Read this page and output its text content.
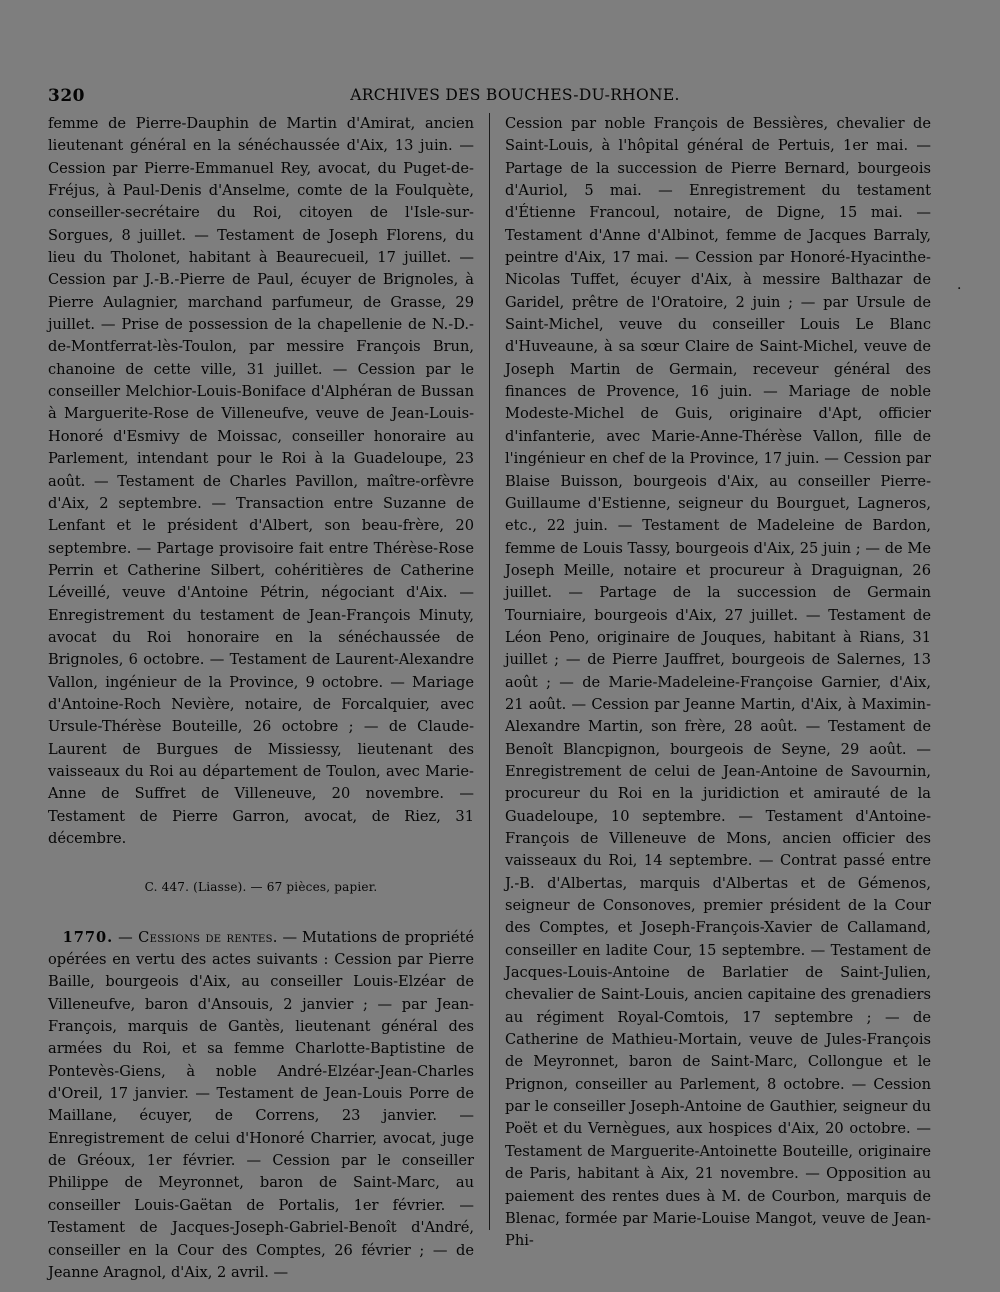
320	ARCHIVES DES BOUCHES-DU-RHONE.

femme de Pierre-Dauphin de Martin d'Amirat, ancien lieutenant général en la sénéchaussée d'Aix, 13 juin. — Cession par Pierre-Emmanuel Rey, avocat, du Puget-de-Fréjus, à Paul-Denis d'Anselme, comte de la Foulquète, conseiller-secrétaire du Roi, citoyen de l'Isle-sur-Sorgues, 8 juillet. — Testament de Joseph Florens, du lieu du Tholonet, habitant à Beaurecueil, 17 juillet. — Cession par J.-B.-Pierre de Paul, écuyer de Brignoles, à Pierre Aulagnier, marchand parfumeur, de Grasse, 29 juillet. — Prise de possession de la chapellenie de N.-D.-de-Montferrat-lès-Toulon, par messire François Brun, chanoine de cette ville, 31 juillet. — Cession par le conseiller Melchior-Louis-Boniface d'Alphéran de Bussan à Marguerite-Rose de Villeneufve, veuve de Jean-Louis-Honoré d'Esmivy de Moissac, conseiller honoraire au Parlement, intendant pour le Roi à la Guadeloupe, 23 août. — Testament de Charles Pavillon, maître-orfèvre d'Aix, 2 septembre. — Transaction entre Suzanne de Lenfant et le président d'Albert, son beau-frère, 20 septembre. — Partage provisoire fait entre Thérèse-Rose Perrin et Catherine Silbert, cohéritières de Catherine Léveillé, veuve d'Antoine Pétrin, négociant d'Aix. — Enregistrement du testament de Jean-François Minuty, avocat du Roi honoraire en la sénéchaussée de Brignoles, 6 octobre. — Testament de Laurent-Alexandre Vallon, ingénieur de la Province, 9 octobre. — Mariage d'Antoine-Roch Nevière, notaire, de Forcalquier, avec Ursule-Thérèse Bouteille, 26 octobre ; — de Claude-Laurent de Burgues de Missiessy, lieutenant des vaisseaux du Roi au département de Toulon, avec Marie-Anne de Suffret de Villeneuve, 20 novembre. — Testament de Pierre Garron, avocat, de Riez, 31 décembre.

C. 447. (Liasse). — 67 pièces, papier.

1770. — Cessions de rentes. — Mutations de propriété opérées en vertu des actes suivants : Cession par Pierre Baille, bourgeois d'Aix, au conseiller Louis-Elzéar de Villeneufve, baron d'Ansouis, 2 janvier ; — par Jean-François, marquis de Gantès, lieutenant général des armées du Roi, et sa femme Charlotte-Baptistine de Pontevès-Giens, à noble André-Elzéar-Jean-Charles d'Oreil, 17 janvier. — Testament de Jean-Louis Porre de Maillane, écuyer, de Correns, 23 janvier. — Enregistrement de celui d'Honoré Charrier, avocat, juge de Gréoux, 1er février. — Cession par le conseiller Philippe de Meyronnet, baron de Saint-Marc, au conseiller Louis-Gaëtan de Portalis, 1er février. — Testament de Jacques-Joseph-Gabriel-Benoît d'André, conseiller en la Cour des Comptes, 26 février ; — de Jeanne Aragnol, d'Aix, 2 avril. —

Cession par noble François de Bessières, chevalier de Saint-Louis, à l'hôpital général de Pertuis, 1er mai. — Partage de la succession de Pierre Bernard, bourgeois d'Auriol, 5 mai. — Enregistrement du testament d'Étienne Francoul, notaire, de Digne, 15 mai. — Testament d'Anne d'Albinot, femme de Jacques Barraly, peintre d'Aix, 17 mai. — Cession par Honoré-Hyacinthe-Nicolas Tuffet, écuyer d'Aix, à messire Balthazar de Garidel, prêtre de l'Oratoire, 2 juin ; — par Ursule de Saint-Michel, veuve du conseiller Louis Le Blanc d'Huveaune, à sa sœur Claire de Saint-Michel, veuve de Joseph Martin de Germain, receveur général des finances de Provence, 16 juin. — Mariage de noble Modeste-Michel de Guis, originaire d'Apt, officier d'infanterie, avec Marie-Anne-Thérèse Vallon, fille de l'ingénieur en chef de la Province, 17 juin. — Cession par Blaise Buisson, bourgeois d'Aix, au conseiller Pierre-Guillaume d'Estienne, seigneur du Bourguet, Lagneros, etc., 22 juin. — Testament de Madeleine de Bardon, femme de Louis Tassy, bourgeois d'Aix, 25 juin ; — de Me Joseph Meille, notaire et procureur à Draguignan, 26 juillet. — Partage de la succession de Germain Tourniaire, bourgeois d'Aix, 27 juillet. — Testament de Léon Peno, originaire de Jouques, habitant à Rians, 31 juillet ; — de Pierre Jauffret, bourgeois de Salernes, 13 août ; — de Marie-Madeleine-Françoise Garnier, d'Aix, 21 août. — Cession par Jeanne Martin, d'Aix, à Maximin-Alexandre Martin, son frère, 28 août. — Testament de Benoît Blancpignon, bourgeois de Seyne, 29 août. — Enregistrement de celui de Jean-Antoine de Savournin, procureur du Roi en la juridiction et amirauté de la Guadeloupe, 10 septembre. — Testament d'Antoine-François de Villeneuve de Mons, ancien officier des vaisseaux du Roi, 14 septembre. — Contrat passé entre J.-B. d'Albertas, marquis d'Albertas et de Gémenos, seigneur de Consonoves, premier président de la Cour des Comptes, et Joseph-François-Xavier de Callamand, conseiller en ladite Cour, 15 septembre. — Testament de Jacques-Louis-Antoine de Barlatier de Saint-Julien, chevalier de Saint-Louis, ancien capitaine des grenadiers au régiment Royal-Comtois, 17 septembre ; — de Catherine de Mathieu-Mortain, veuve de Jules-François de Meyronnet, baron de Saint-Marc, Collongue et le Prignon, conseiller au Parlement, 8 octobre. — Cession par le conseiller Joseph-Antoine de Gauthier, seigneur du Poët et du Vernègues, aux hospices d'Aix, 20 octobre. — Testament de Marguerite-Antoinette Bouteille, originaire de Paris, habitant à Aix, 21 novembre. — Opposition au paiement des rentes dues à M. de Courbon, marquis de Blenac, formée par Marie-Louise Mangot, veuve de Jean-Phi-

·
